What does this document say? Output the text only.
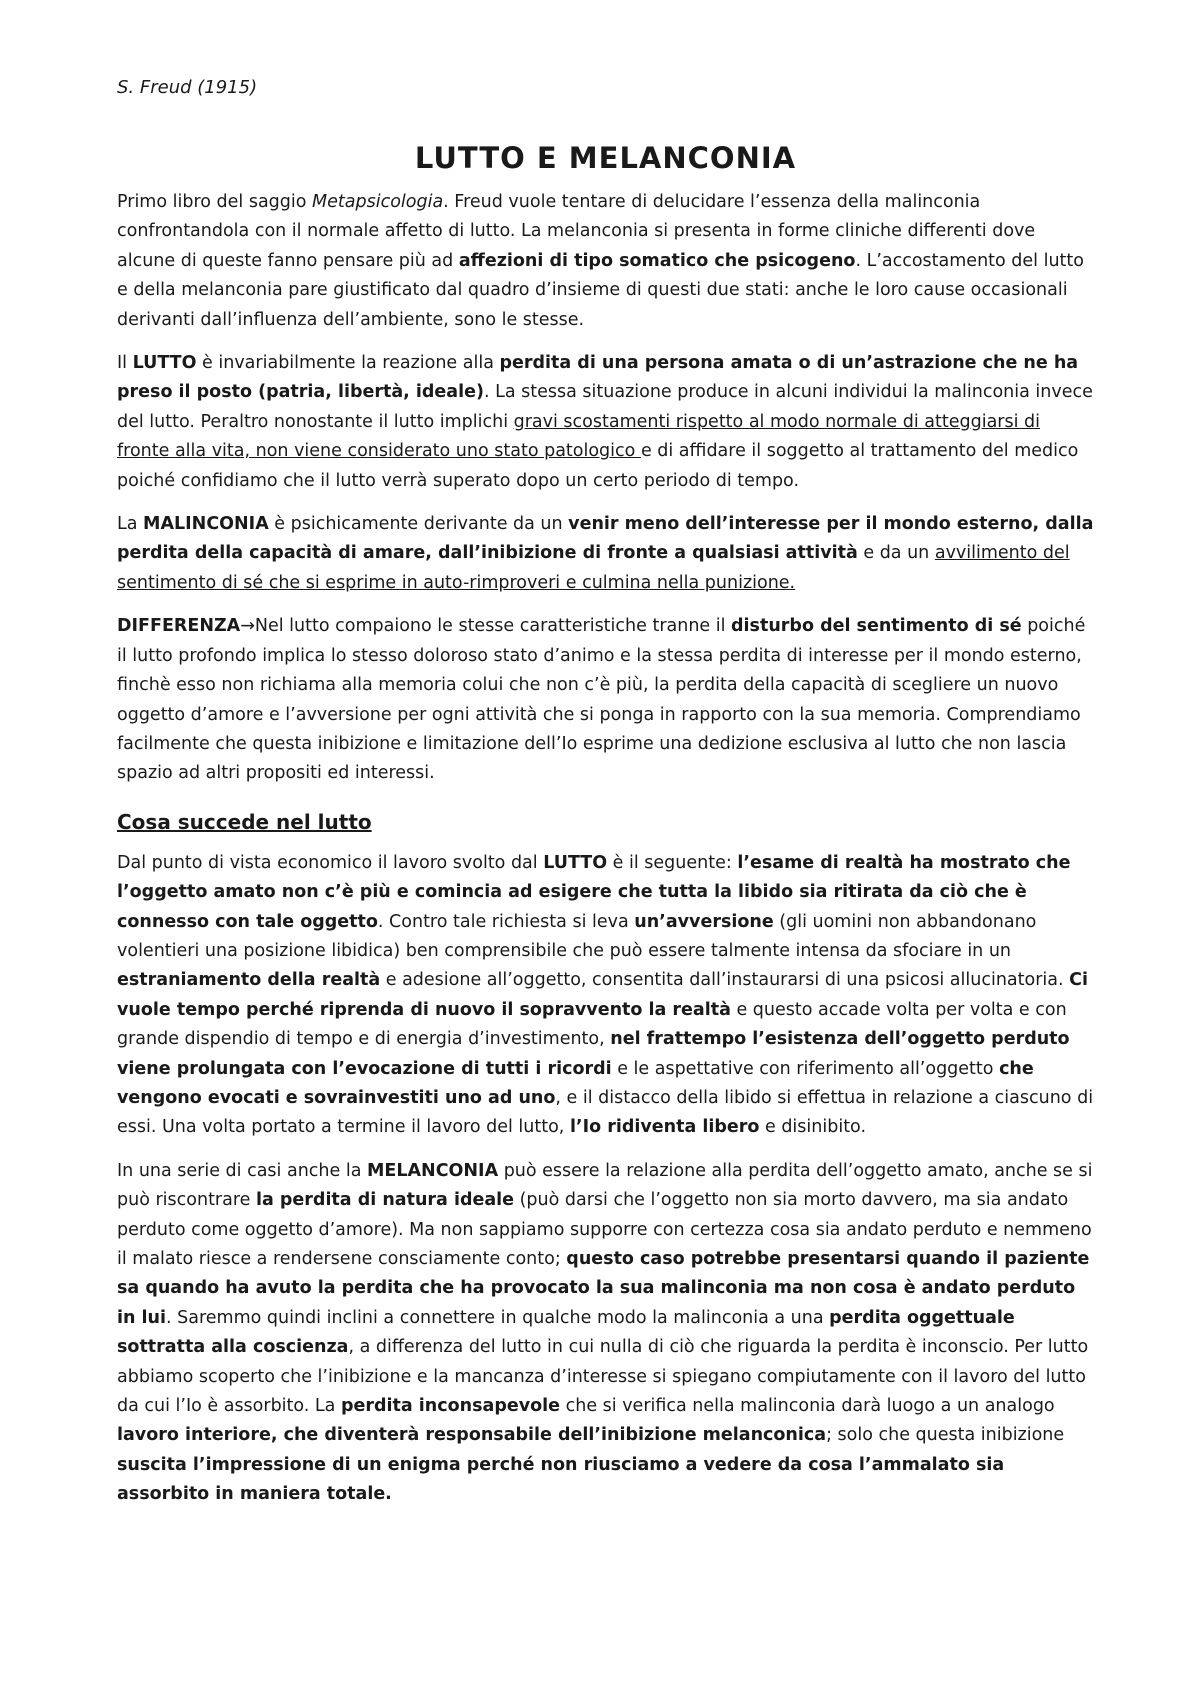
S. Freud (1915)
LUTTO E MELANCONIA

Primo libro del saggio Metapsicologia. Freud vuole tentare di delucidare l’essenza della malinconia confrontandola con il normale affetto di lutto. La melanconia si presenta in forme cliniche differenti dove alcune di queste fanno pensare più ad affezioni di tipo somatico che psicogeno. L’accostamento del lutto e della melanconia pare giustificato dal quadro d’insieme di questi due stati: anche le loro cause occasionali derivanti dall’influenza dell’ambiente, sono le stesse.

Il LUTTO è invariabilmente la reazione alla perdita di una persona amata o di un’astrazione che ne ha preso il posto (patria, libertà, ideale). La stessa situazione produce in alcuni individui la malinconia invece del lutto. Peraltro nonostante il lutto implichi gravi scostamenti rispetto al modo normale di atteggiarsi di fronte alla vita, non viene considerato uno stato patologico e di affidare il soggetto al trattamento del medico poiché confidiamo che il lutto verrà superato dopo un certo periodo di tempo.

La MALINCONIA è psichicamente derivante da un venir meno dell’interesse per il mondo esterno, dalla perdita della capacità di amare, dall’inibizione di fronte a qualsiasi attività e da un avvilimento del sentimento di sé che si esprime in auto-rimproveri e culmina nella punizione.

DIFFERENZA→Nel lutto compaiono le stesse caratteristiche tranne il disturbo del sentimento di sé poiché il lutto profondo implica lo stesso doloroso stato d’animo e la stessa perdita di interesse per il mondo esterno, finchè esso non richiama alla memoria colui che non c’è più, la perdita della capacità di scegliere un nuovo oggetto d’amore e l’avversione per ogni attività che si ponga in rapporto con la sua memoria. Comprendiamo facilmente che questa inibizione e limitazione dell’Io esprime una dedizione esclusiva al lutto che non lascia spazio ad altri propositi ed interessi.

Cosa succede nel lutto

Dal punto di vista economico il lavoro svolto dal LUTTO è il seguente: l’esame di realtà ha mostrato che l’oggetto amato non c’è più e comincia ad esigere che tutta la libido sia ritirata da ciò che è connesso con tale oggetto. Contro tale richiesta si leva un’avversione (gli uomini non abbandonano volentieri una posizione libidica) ben comprensibile che può essere talmente intensa da sfociare in un estraniamento della realtà e adesione all’oggetto, consentita dall’instaurarsi di una psicosi allucinatoria. Ci vuole tempo perché riprenda di nuovo il sopravvento la realtà e questo accade volta per volta e con grande dispendio di tempo e di energia d’investimento, nel frattempo l’esistenza dell’oggetto perduto viene prolungata con l’evocazione di tutti i ricordi e le aspettative con riferimento all’oggetto che vengono evocati e sovrainvestiti uno ad uno, e il distacco della libido si effettua in relazione a ciascuno di essi. Una volta portato a termine il lavoro del lutto, l’Io ridiventa libero e disinibito.

In una serie di casi anche la MELANCONIA può essere la relazione alla perdita dell’oggetto amato, anche se si può riscontrare la perdita di natura ideale (può darsi che l’oggetto non sia morto davvero, ma sia andato perduto come oggetto d’amore). Ma non sappiamo supporre con certezza cosa sia andato perduto e nemmeno il malato riesce a rendersene consciamente conto; questo caso potrebbe presentarsi quando il paziente sa quando ha avuto la perdita che ha provocato la sua malinconia ma non cosa è andato perduto in lui. Saremmo quindi inclini a connettere in qualche modo la malinconia a una perdita oggettuale sottratta alla coscienza, a differenza del lutto in cui nulla di ciò che riguarda la perdita è inconscio. Per lutto abbiamo scoperto che l’inibizione e la mancanza d’interesse si spiegano compiutamente con il lavoro del lutto da cui l’Io è assorbito. La perdita inconsapevole che si verifica nella malinconia darà luogo a un analogo lavoro interiore, che diventerà responsabile dell’inibizione melanconica; solo che questa inibizione suscita l’impressione di un enigma perché non riusciamo a vedere da cosa l’ammalato sia assorbito in maniera totale.
